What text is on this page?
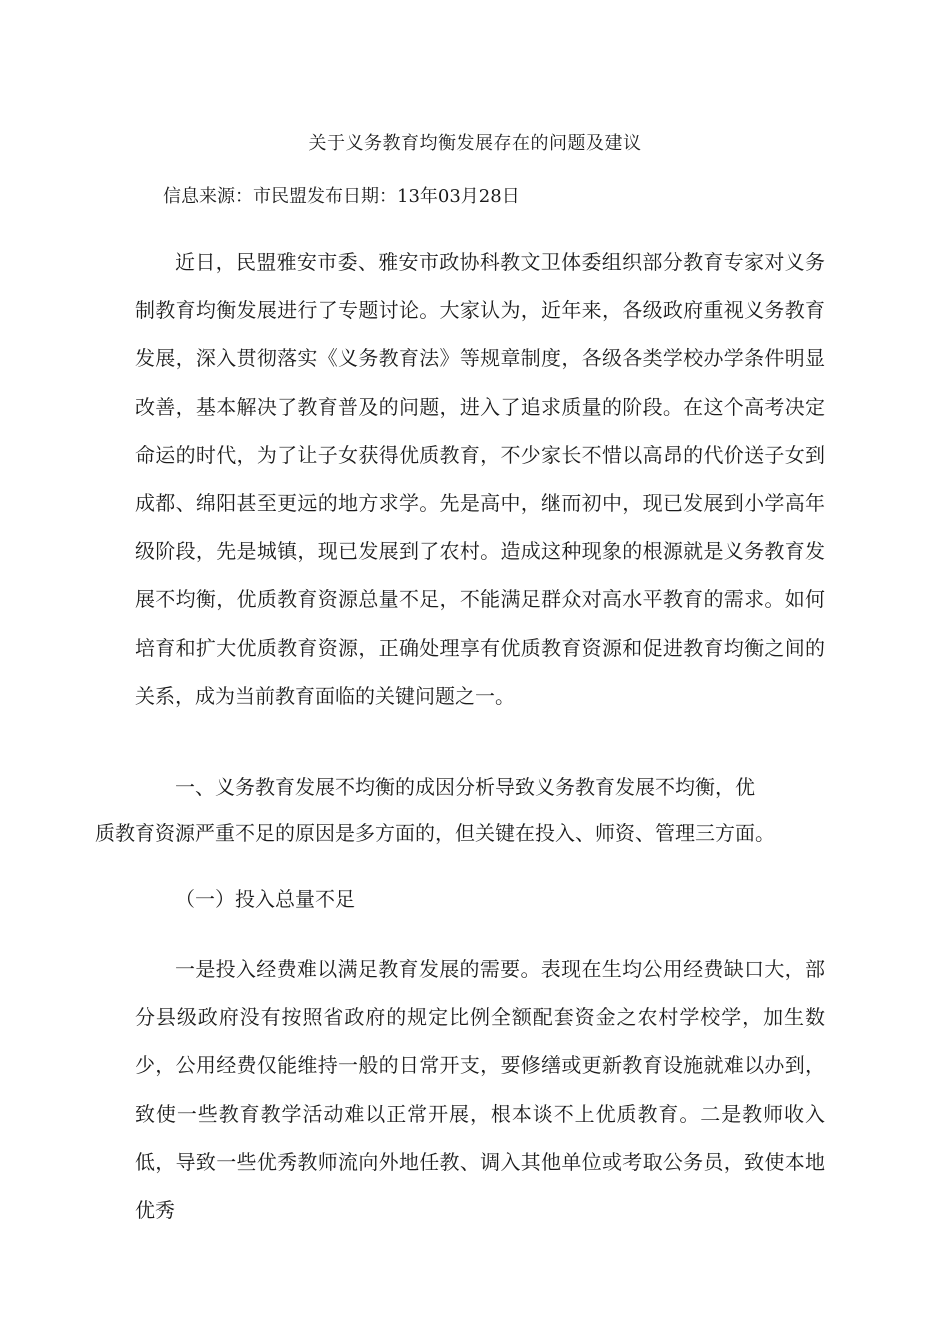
关于义务教育均衡发展存在的问题及建议
信息来源：市民盟发布日期：13年03月28日

近日，民盟雅安市委、雅安市政协科教文卫体委组织部分教育专家对义务制教育均衡发展进行了专题讨论。大家认为，近年来，各级政府重视义务教育发展，深入贯彻落实《义务教育法》等规章制度，各级各类学校办学条件明显改善，基本解决了教育普及的问题，进入了追求质量的阶段。在这个高考决定命运的时代，为了让子女获得优质教育，不少家长不惜以高昂的代价送子女到成都、绵阳甚至更远的地方求学。先是高中，继而初中，现已发展到小学高年级阶段，先是城镇，现已发展到了农村。造成这种现象的根源就是义务教育发展不均衡，优质教育资源总量不足，不能满足群众对高水平教育的需求。如何培育和扩大优质教育资源，正确处理享有优质教育资源和促进教育均衡之间的关系，成为当前教育面临的关键问题之一。

一、义务教育发展不均衡的成因分析导致义务教育发展不均衡，优
质教育资源严重不足的原因是多方面的，但关键在投入、师资、管理三方面。

（一）投入总量不足

一是投入经费难以满足教育发展的需要。表现在生均公用经费缺口大，部分县级政府没有按照省政府的规定比例全额配套资金之农村学校学，加生数少，公用经费仅能维持一般的日常开支，要修缮或更新教育设施就难以办到，致使一些教育教学活动难以正常开展，根本谈不上优质教育。二是教师收入低，导致一些优秀教师流向外地任教、调入其他单位或考取公务员，致使本地优秀
